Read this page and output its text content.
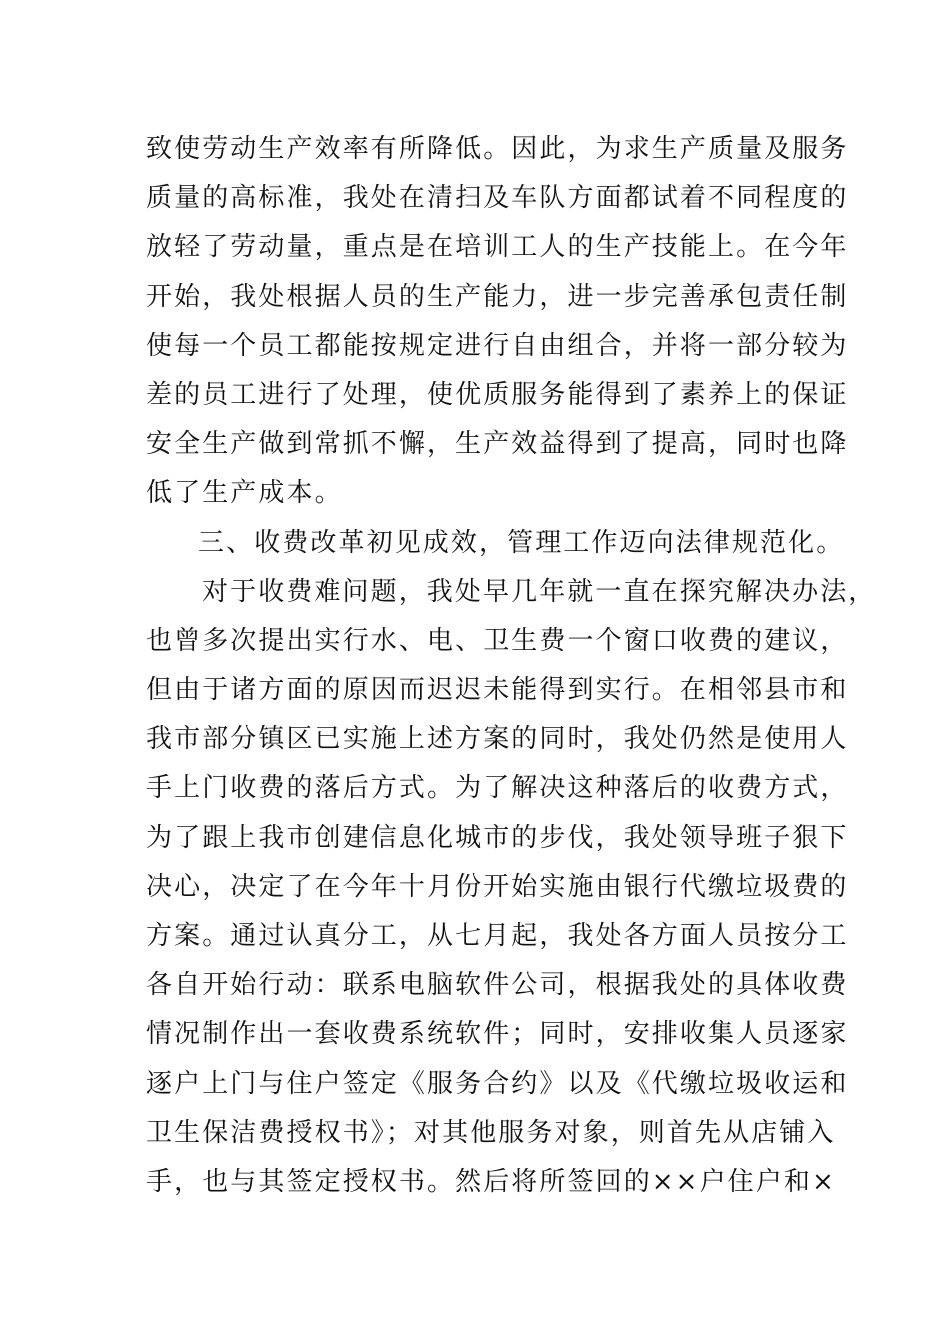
致使劳动生产效率有所降低。因此，为求生产质量及服务
质量的高标准，我处在清扫及车队方面都试着不同程度的
放轻了劳动量，重点是在培训工人的生产技能上。在今年
开始，我处根据人员的生产能力，进一步完善承包责任制
使每一个员工都能按规定进行自由组合，并将一部分较为
差的员工进行了处理，使优质服务能得到了素养上的保证
安全生产做到常抓不懈，生产效益得到了提高，同时也降
低了生产成本。
三、收费改革初见成效，管理工作迈向法律规范化。
对于收费难问题，我处早几年就一直在探究解决办法，
也曾多次提出实行水、电、卫生费一个窗口收费的建议，
但由于诸方面的原因而迟迟未能得到实行。在相邻县市和
我市部分镇区已实施上述方案的同时，我处仍然是使用人
手上门收费的落后方式。为了解决这种落后的收费方式，
为了跟上我市创建信息化城市的步伐，我处领导班子狠下
决心，决定了在今年十月份开始实施由银行代缴垃圾费的
方案。通过认真分工，从七月起，我处各方面人员按分工
各自开始行动：联系电脑软件公司，根据我处的具体收费
情况制作出一套收费系统软件；同时，安排收集人员逐家
逐户上门与住户签定《服务合约》以及《代缴垃圾收运和
卫生保洁费授权书》；对其他服务对象，则首先从店铺入
手，也与其签定授权书。然后将所签回的××户住户和×
